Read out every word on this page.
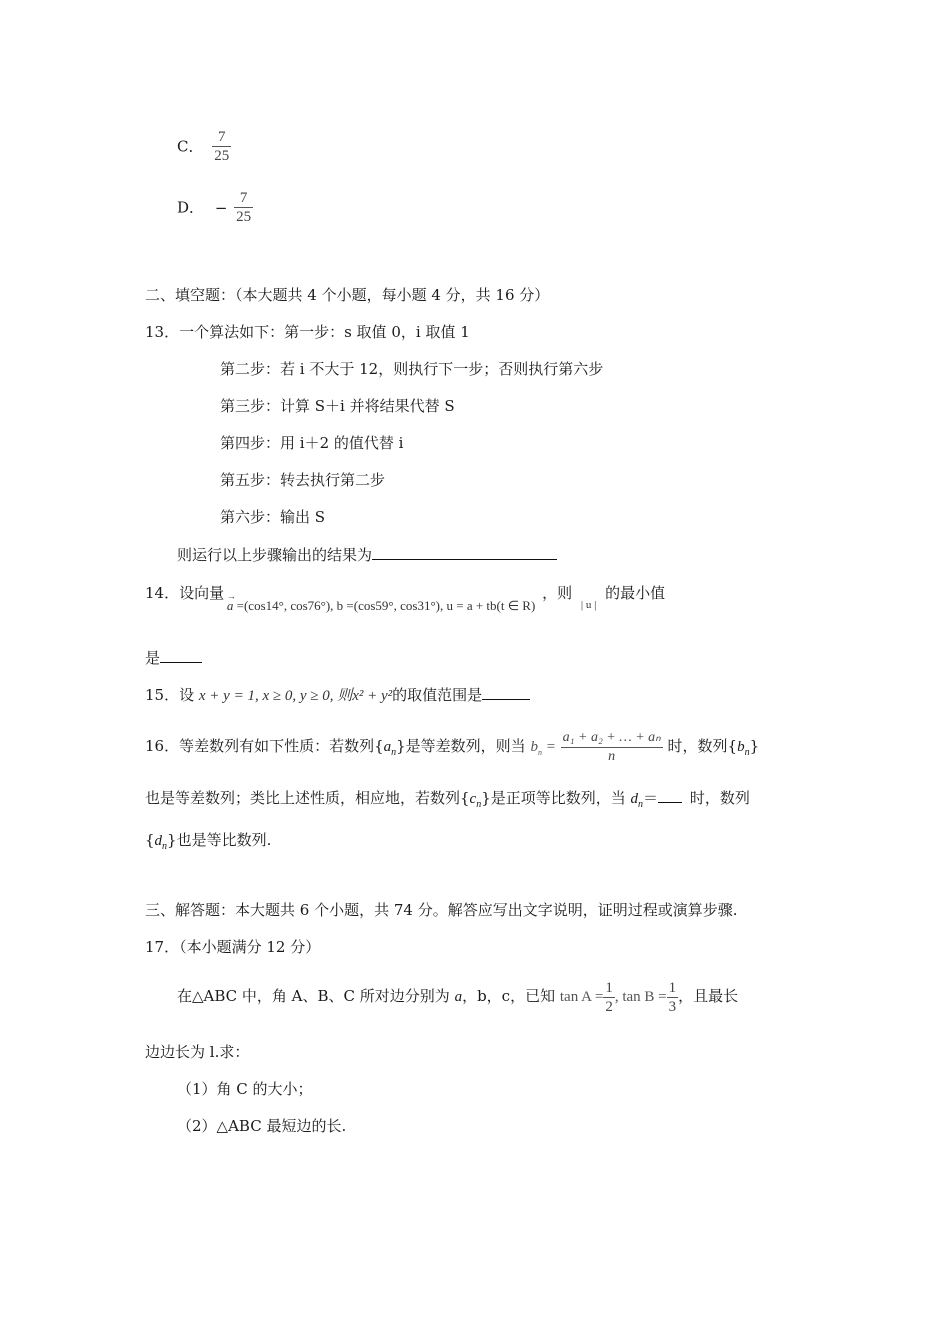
C． $\frac{7}{25}$
D． − $\frac{7}{25}$
二、填空题：（本大题共 4 个小题，每小题 4 分，共 16 分）
13．一个算法如下：第一步：s 取值 0，i 取值 1
第二步：若 i 不大于 12，则执行下一步；否则执行第六步
第三步：计算 S＋i 并将结果代替 S
第四步：用 i＋2 的值代替 i
第五步：转去执行第二步
第六步：输出 S
则运行以上步骤输出的结果为
14．设向量 → a =(cos14°, cos76°), b =(cos59°, cos31°), u = a + tb(t ∈ R) ，则 $_{| u |}$ 的最小值
是
15．设 x + y = 1, x ≥ 0, y ≥ 0, 则x² + y²的取值范围是
16．等差数列有如下性质：若数列$\{a_n\}$是等差数列，则当 $b_n = \frac{\text{a₁ + a₂ + … + aₙ}}{n}$ 时，数列$\{b_n\}$
也是等差数列；类比上述性质，相应地，若数列$\{c_n\}$是正项等比数列，当 $d_n=$ 时，数列
$\{d_n\}$也是等比数列.
三、解答题：本大题共 6 个小题，共 74 分。解答应写出文字说明，证明过程或演算步骤.
17．（本小题满分 12 分）
在△ABC 中，角 A、B、C 所对边分别为 a，b，c，已知 $\tan A = \frac{1}{2}$ , $\tan B = \frac{1}{3}$ ，且最长
边边长为 l.求：
（1）角 C 的大小；
（2）△ABC 最短边的长.
